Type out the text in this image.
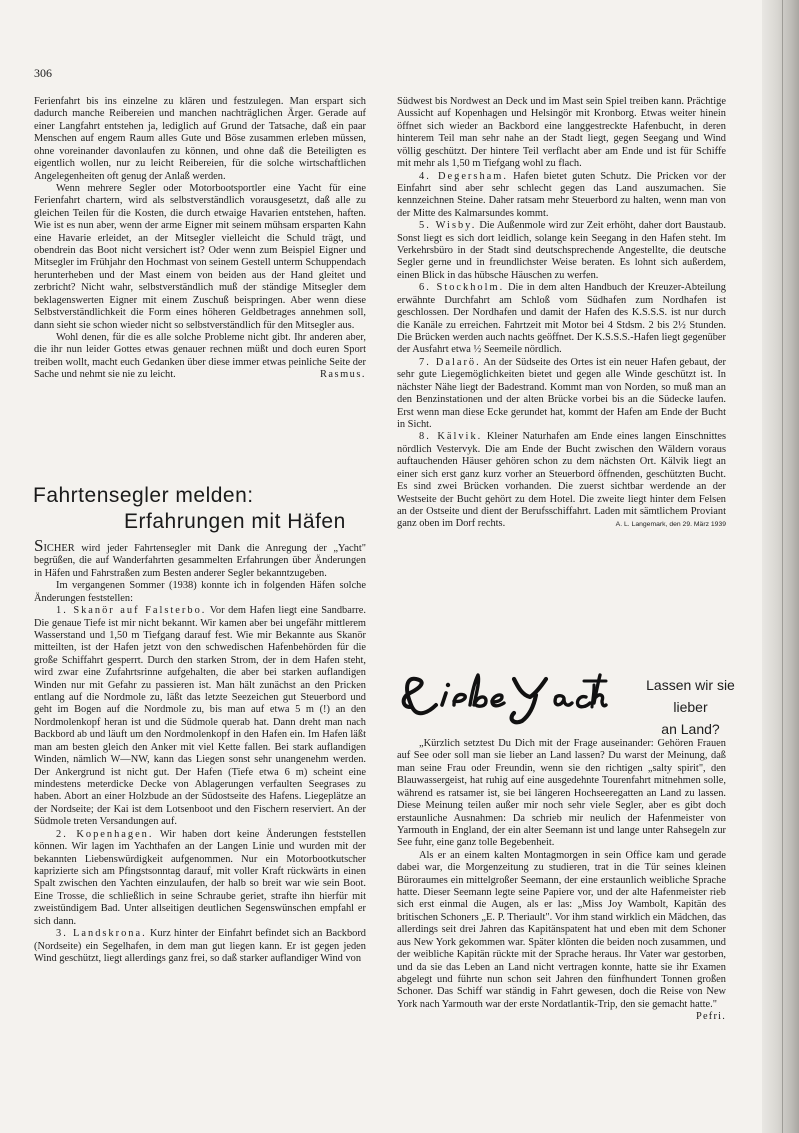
306

Ferienfahrt bis ins einzelne zu klären und festzulegen. Man erspart sich dadurch manche Reibereien und manchen nachträglichen Ärger. Gerade auf einer Langfahrt entstehen ja, lediglich auf Grund der Tatsache, daß ein paar Menschen auf engem Raum alles Gute und Böse zusammen erleben müssen, ohne voreinander davonlaufen zu können, und ohne daß die Beteiligten es eigentlich wollen, nur zu leicht Reibereien, für die solche wirtschaftlichen Angelegenheiten oft genug der Anlaß werden.

Wenn mehrere Segler oder Motorbootsportler eine Yacht für eine Ferienfahrt chartern, wird als selbstverständlich vorausgesetzt, daß alle zu gleichen Teilen für die Kosten, die durch etwaige Havarien entstehen, haften. Wie ist es nun aber, wenn der arme Eigner mit seinem mühsam ersparten Kahn eine Havarie erleidet, an der Mitsegler vielleicht die Schuld trägt, und obendrein das Boot nicht versichert ist? Oder wenn zum Beispiel Eigner und Mitsegler im Frühjahr den Hochmast von seinem Gestell unterm Schuppendach herunterheben und der Mast einem von beiden aus der Hand gleitet und zerbricht? Nicht wahr, selbstverständlich muß der ständige Mitsegler dem beklagenswerten Eigner mit einem Zuschuß beispringen. Aber wenn diese Selbstverständlichkeit die Form eines höheren Geldbetrages annehmen soll, dann sieht sie schon wieder nicht so selbstverständlich für den Mitsegler aus.

Wohl denen, für die es alle solche Probleme nicht gibt. Ihr anderen aber, die ihr nun leider Gottes etwas genauer rechnen müßt und doch euren Sport treiben wollt, macht euch Gedanken über diese immer etwas peinliche Seite der Sache und nehmt sie nie zu leicht.	Rasmus.

Fahrtensegler melden:
Erfahrungen mit Häfen

SICHER wird jeder Fahrtensegler mit Dank die Anregung der „Yacht" begrüßen, die auf Wanderfahrten gesammelten Erfahrungen über Änderungen in Häfen und Fahrstraßen zum Besten anderer Segler bekanntzugeben.

Im vergangenen Sommer (1938) konnte ich in folgenden Häfen solche Änderungen feststellen:

1. Skanör auf Falsterbo. Vor dem Hafen liegt eine Sandbarre. Die genaue Tiefe ist mir nicht bekannt. Wir kamen aber bei ungefähr mittlerem Wasserstand und 1,50 m Tiefgang darauf fest. Wie mir Bekannte aus Skanör mitteilten, ist der Hafen jetzt von den schwedischen Hafenbehörden für die große Schiffahrt gesperrt. Durch den starken Strom, der in dem Hafen steht, wird zwar eine Zufahrtsrinne aufgehalten, die aber bei starken auflandigen Winden nur mit Gefahr zu passieren ist. Man hält zunächst an den Pricken entlang auf die Nordmole zu, läßt das letzte Seezeichen gut Steuerbord und geht im Bogen auf die Nordmole zu, bis man auf etwa 5 m (!) an den Nordmolenkopf heran ist und die Südmole querab hat. Dann dreht man nach Backbord ab und läuft um den Nordmolenkopf in den Hafen ein. Im Hafen läßt man am besten gleich den Anker mit viel Kette fallen. Bei stark auflandigen Winden, nämlich W—NW, kann das Liegen sonst sehr unangenehm werden. Der Ankergrund ist nicht gut. Der Hafen (Tiefe etwa 6 m) scheint eine mindestens meterdicke Decke von Ablagerungen verfaulten Seegrases zu haben. Abort an einer Holzbude an der Südostseite des Hafens. Liegeplätze an der Nordseite; der Kai ist dem Lotsenboot und den Fischern reserviert. An der Südmole treten Versandungen auf.

2. Kopenhagen. Wir haben dort keine Änderungen feststellen können. Wir lagen im Yachthafen an der Langen Linie und wurden mit der bekannten Liebenswürdigkeit aufgenommen. Nur ein Motorbootkutscher kaprizierte sich am Pfingstsonntag darauf, mit voller Kraft rückwärts in einen Spalt zwischen den Yachten einzulaufen, der halb so breit war wie sein Boot. Eine Trosse, die schließlich in seine Schraube geriet, strafte ihn hierfür mit zweistündigem Bad. Unter allseitigen deutlichen Segenswünschen empfahl er sich dann.

3. Landskrona. Kurz hinter der Einfahrt befindet sich an Backbord (Nordseite) ein Segelhafen, in dem man gut liegen kann. Er ist gegen jeden Wind geschützt, liegt allerdings ganz frei, so daß starker auflandiger Wind von

Südwest bis Nordwest an Deck und im Mast sein Spiel treiben kann. Prächtige Aussicht auf Kopenhagen und Helsingör mit Kronborg. Etwas weiter hinein öffnet sich wieder an Backbord eine langgestreckte Hafenbucht, in deren hinterem Teil man sehr nahe an der Stadt liegt, gegen Seegang und Wind völlig geschützt. Der hintere Teil verflacht aber am Ende und ist für Schiffe mit mehr als 1,50 m Tiefgang wohl zu flach.

4. Degersham. Hafen bietet guten Schutz. Die Pricken vor der Einfahrt sind aber sehr schlecht gegen das Land auszumachen. Sie kennzeichnen Steine. Daher ratsam mehr Steuerbord zu halten, wenn man von der Mitte des Kalmarsundes kommt.

5. Wisby. Die Außenmole wird zur Zeit erhöht, daher dort Baustaub. Sonst liegt es sich dort leidlich, solange kein Seegang in den Hafen steht. Im Verkehrsbüro in der Stadt sind deutschsprechende Angestellte, die deutsche Segler gerne und in freundlichster Weise beraten. Es lohnt sich außerdem, einen Blick in das hübsche Häuschen zu werfen.

6. Stockholm. Die in dem alten Handbuch der Kreuzer-Abteilung erwähnte Durchfahrt am Schloß vom Südhafen zum Nordhafen ist geschlossen. Der Nordhafen und damit der Hafen des K.S.S.S. ist nur durch die Kanäle zu erreichen. Fahrtzeit mit Motor bei 4 Stdsm. 2 bis 2½ Stunden. Die Brücken werden auch nachts geöffnet. Der K.S.S.S.-Hafen liegt gegenüber der Ausfahrt etwa ½ Seemeile nördlich.

7. Dalarö. An der Südseite des Ortes ist ein neuer Hafen gebaut, der sehr gute Liegemöglichkeiten bietet und gegen alle Winde geschützt ist. In nächster Nähe liegt der Badestrand. Kommt man von Norden, so muß man an den Benzinstationen und der alten Brücke vorbei bis an die Südecke laufen. Erst wenn man diese Ecke gerundet hat, kommt der Hafen am Ende der Bucht in Sicht.

8. Kälvik. Kleiner Naturhafen am Ende eines langen Einschnittes nördlich Vestervyk. Die am Ende der Bucht zwischen den Wäldern voraus auftauchenden Häuser gehören schon zu dem nächsten Ort. Kälvik liegt an einer sich erst ganz kurz vorher an Steuerbord öffnenden, geschützten Bucht. Es sind zwei Brücken vorhanden. Die zuerst sichtbar werdende an der Westseite der Bucht gehört zu dem Hotel. Die zweite liegt hinter dem Felsen an der Ostseite und dient der Berufsschiffahrt. Laden mit sämtlichem Proviant ganz oben im Dorf rechts.	A. L. Langemark, den 29. März 1939

Liebe Yacht
Lassen wir sie lieber
an Land?

„Kürzlich setztest Du Dich mit der Frage auseinander: Gehören Frauen auf See oder soll man sie lieber an Land lassen? Du warst der Meinung, daß man seine Frau oder Freundin, wenn sie den richtigen „salty spirit", den Blauwassergeist, hat ruhig auf eine ausgedehnte Tourenfahrt mitnehmen solle, während es ratsamer ist, sie bei längeren Hochseeregatten an Land zu lassen. Diese Meinung teilen außer mir noch sehr viele Segler, aber es gibt doch erstaunliche Ausnahmen: Da schrieb mir neulich der Hafenmeister von Yarmouth in England, der ein alter Seemann ist und lange unter Rahsegeln zur See fuhr, eine ganz tolle Begebenheit.

Als er an einem kalten Montagmorgen in sein Office kam und gerade dabei war, die Morgenzeitung zu studieren, trat in die Tür seines kleinen Büroraumes ein mittelgroßer Seemann, der eine erstaunlich weibliche Sprache hatte. Dieser Seemann legte seine Papiere vor, und der alte Hafenmeister rieb sich erst einmal die Augen, als er las: „Miss Joy Wambolt, Kapitän des britischen Schoners „E. P. Theriault". Vor ihm stand wirklich ein Mädchen, das allerdings seit drei Jahren das Kapitänspatent hat und eben mit dem Schoner aus New York gekommen war. Später klönten die beiden noch zusammen, und der weibliche Kapitän rückte mit der Sprache heraus. Ihr Vater war gestorben, und da sie das Leben an Land nicht vertragen konnte, hatte sie ihr Examen abgelegt und führte nun schon seit Jahren den fünfhundert Tonnen großen Schoner. Das Schiff war ständig in Fahrt gewesen, doch die Reise von New York nach Yarmouth war der erste Nordatlantik-Trip, den sie gemacht hatte."
Pefri.
